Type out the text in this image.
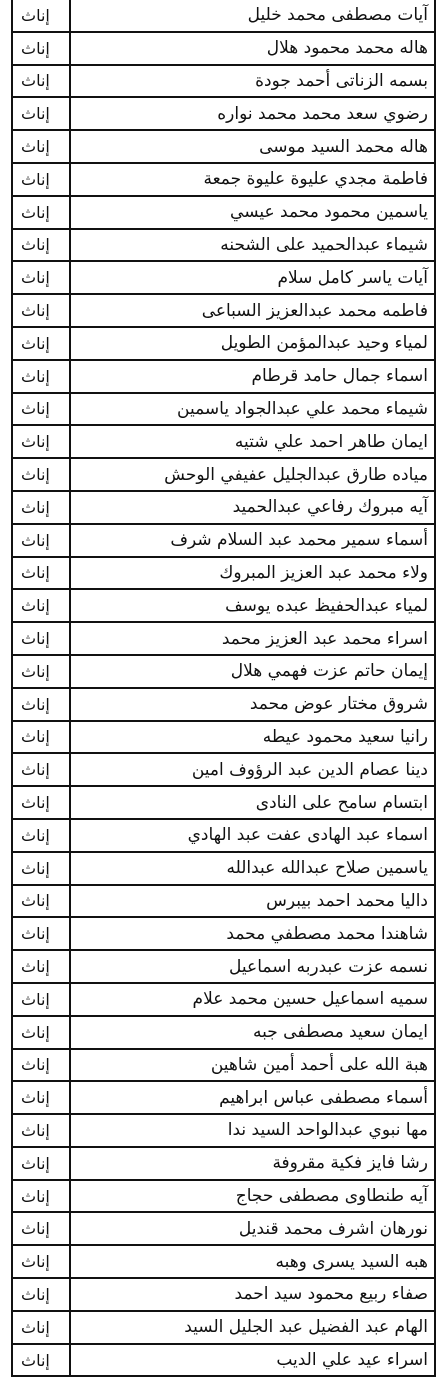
آيات مصطفى محمد خليل
إناث
هاله محمد محمود هلال
إناث
بسمه الزناتى أحمد جودة
إناث
رضوي سعد محمد محمد نواره
إناث
هاله محمد السيد موسى
إناث
فاطمة مجدي عليوة عليوة جمعة
إناث
ياسمين محمود محمد عيسي
إناث
شيماء عبدالحميد على الشحنه
إناث
آيات ياسر كامل سلام
إناث
فاطمه محمد عبدالعزيز السباعى
إناث
لمياء وحيد عبدالمؤمن الطويل
إناث
اسماء جمال حامد قرطام
إناث
شيماء محمد علي عبدالجواد ياسمين
إناث
ايمان طاهر احمد علي شتيه
إناث
مياده طارق عبدالجليل عفيفي الوحش
إناث
آيه مبروك رفاعي عبدالحميد
إناث
أسماء سمير محمد عبد السلام شرف
إناث
ولاء محمد عبد العزيز المبروك
إناث
لمياء عبدالحفيظ عبده يوسف
إناث
اسراء محمد عبد العزيز محمد
إناث
إيمان حاتم عزت فهمي هلال
إناث
شروق مختار عوض محمد
إناث
رانيا سعيد محمود عيطه
إناث
دينا عصام الدين عبد الرؤوف امين
إناث
ابتسام سامح على النادى
إناث
اسماء عبد الهادى عفت عبد الهادي
إناث
ياسمين صلاح عبدالله عبدالله
إناث
داليا محمد احمد بيبرس
إناث
شاهندا محمد مصطفي محمد
إناث
نسمه عزت عبدربه اسماعيل
إناث
سميه اسماعيل حسين محمد علام
إناث
ايمان سعيد مصطفى جبه
إناث
هبة الله على أحمد أمين شاهين
إناث
أسماء مصطفى عباس ابراهيم
إناث
مها نبوي عبدالواحد السيد ندا
إناث
رشا فايز فكية مقروفة
إناث
آيه طنطاوى مصطفى حجاج
إناث
نورهان اشرف محمد قنديل
إناث
هبه السيد يسرى وهبه
إناث
صفاء ربيع محمود سيد احمد
إناث
الهام عبد الفضيل عبد الجليل السيد
إناث
اسراء عيد علي الديب
إناث
